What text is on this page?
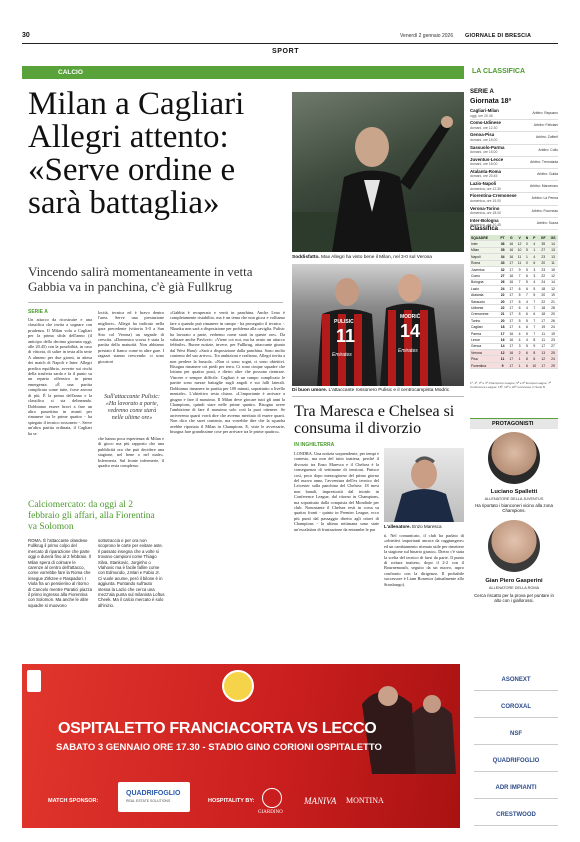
30	Venerdì 2 gennaio 2026 GIORNALE DI BRESCIA
SPORT
CALCIO	LA CLASSIFICA
Milan a Cagliari Allegri attento: «Serve ordine e sarà battaglia»
Vincendo salirà momentaneamente in vetta Gabbia va in panchina, c'è già Fullkrug
SERIE A
Un attacco da ricostruire e una classifica che invita a sognare con prudenza. Il Milan vola a Cagliari per la prima sfida dell'anno (il anticipo della decima giornata oggi, alle 20.45) con la possibilità, in caso di vittoria, di salire in testa alla serie A almeno per due giorni, in attesa dei match di Napoli e Inter. Allegri predica equilibrio, avverte sui rischi della trasferta sarda e fa il punto su un reparto offensivo in piena emergenza. «È una partita complicata come tutte, forse ancora di più. È la prima dell'anno e la classifica si sta delineando. Dobbiamo essere bravi a fare un altro passettino in avanti per rimanere tra le prime quattro - ha spiegato il tecnico rossonero -. Serve un'altra partita ordinata, il Cagliari ha se
locità, tecnica ed è bravo dentro l'area. Serve una prestazione migliore». Allegri ha indicato nella gara precedente (vittoria 3-0 a San Siro col Verona) un segnale di crescita. «Domenica scorsa è stata la partita della maturità. Non abbiamo prestato il fianco come in altre gare. I ragazzi stanno crescendo: ci sono giocatori
Sull'attaccante Pulisic: «Ha lavorato a parte, vedremo come starà nelle ultime ore»
che hanno poca esperienza di Milan e di gioco ma più rapporto che una pubblicità ora che può decidere una stagione, nel bene o nel male». Infermeria. Sul fronte infermerie, il quadro resta complesso.
«Gabbia è recuperato e verrà in panchina. Anche Leao è completamente ristabilito, ma è un tema che non gioca e volliamo fare a quando può rimanere in campo - ha proseguito il tecnico -. Nkunku non sarà a disposizione per problema alla caviglia. Pulisic ha lavorato a parte, vedremo come starà in queste ore». Da valutare anche Pavlovic: «Viene cot noi, ma ha avuto un attacco febbrile». Buone notizie, invece, per Fullkrug, attaccante giunto dal West Ham): «Sarà a disposizione dalla panchina. Sono molto contento del suo arrivo». Tra ambizioni e realismo, Allegri invita a non perdere la bussola. «Non ci sono sogni, ci sono obiettivi. Bisogna rimanere coi piedi per terra. Ci sono cinque squadre che lottano per quattro posti, e dietro altre che possono rientrare. Vincere e sempre difficile. Cagliari è un campo complicato le partite sono mezze battaglie sugli angoli e sui falli laterali. Dobbiamo rimanere in partita per 100 minuti, soprattutto a livello mentale». L'obiettivo resta chiaro. «L'importante è arrivare a giugno e fare il massimo. Il Milan deve giocare tutti gli anni la Champions, quindi stare nelle prime quattro. Bisogna avere l'ambizione di fare il massimo solo così la puoi ottenere. Se arriveremo quarti vorrà dire che avremo meritato di essere quarti. Non dico che sarei contento, ma vorrebbe dire che la squadra avebbe riportato il Milan in Champions. E, viste le avversarie, bisogna fare grandissime cose per arrivare tra le prime quattro».
Calciomercato: da oggi al 2 febbraio gli affari, alla Fiorentina va Solomon
ROMA. È l'attaccante olandese Fullkrug il primo colpo del mercato di riparazione che parte oggi e durerà fino al 2 febbraio. Il Milan spera di colmare le carenze al centro dell'attacco, come vorrebbe fare la Roma che insegue Zirkzee e Raspadori. I Viola fra un pensierino al ritorno di Cancelo mentre Paratici piazza il primo ingresso alla Fiorentina con Solomon. Ma anche le altre squadre si muovono
sottotraccia e per ora non scoprono le carte per evitare aste. Il passato insegna che a volte si trovano campioni come Thiago Silva, Stankovic, Jorginho o Vlahovic ma è facile fallire come con Edmundo, J.Mari e Fabio Jr. Ci vuole acume, però il bilone è in aggiunta. Puntando sull'auto stessa la Lazio che cerca una mezz'ala punta sul milanista Loftus Cheek. Ma il calcio mercato è solo all'inizio.
Soddisfatto. Max Allegri ha visto bene il Milan, nel 3-0 sul Verona
PULISIC
11
MODRIĆ
14
Emirates
Emirates
Di buon umore. L'attaccante rossonero Pulisic e il centrocampista Modric
Tra Maresca e Chelsea si consuma il divorzio
IN INGHILTERRA
LONDRA. Una notizia sorprendente, per tempi e contesto, ma non del tutto inattesa, perché il divorzio tra Enzo Maresca e il Chelsea è la conseguenza di settimane di tensioni. Finisce così, poco dopo mezzogiorno del primo giorno del nuovo anno, l'avventura dell'ex tecnico del Leicester sulla panchina del Chelsea: 18 mesi non banali, impreziositi dal trionfo in Conference League, dal ritorno in Champions, ma soprattutto dalla conquista del Mondiale per club. Nonostante il Chelsea resti in corsa su quattro fronti - quinto in Premier League, ecco più punti dal passaggio diretto agli ottavi di Champions - la ultima settimana sono state un'escalation di frustrazione da entrambe le par
L'allenatore. Enzo Maresca
ti. Nel comunicato, il club ha parlato di «obiettivi importanti ancora da raggiungere» ed un cambiamento ritenuto utile per rimettere la stagione sul binario giusto». Dietro c'è stata la scelta del tecnico di farsi da parte. Il punto di rottura inatteso, dopo il 2-2 con il Bournemouth, seguito da un nuovo, aspro confronto con la dirigenza. Il probabile successore è Liam Rosenior (attualmente allo Strasburgo).
SERIE A
Giornata 18ª
Cagliari-Milan
oggi, ore 20.45
Arbitro: Rapuano
Como-Udinese
domani, ore 12.30
Arbitro: Feliciani
Genoa-Pisa
domani, ore 15.00
Arbitro: Zufferli
Sassuolo-Parma
domani, ore 15.00
Arbitro: Collu
Juventus-Lecce
domani, ore 18.00
Arbitro: Tremolada
Atalanta-Roma
domani, ore 20.45
Arbitro: Guida
Lazio-Napoli
domenica, ore 12.30
Arbitro: Marcenaro
Fiorentina-Cremonese
domenica, ore 15.00
Arbitro: La Penna
Verona-Torino
domenica, ore 18.00
Arbitro: Fourneau
Inter-Bologna
domenica, ore 20.45
Arbitro: Sozza
Classifica
SQUADRE	PT	G	V	N	P	GF	GS
Inter	36	16	12	0	4	35	14
Milan	35	16	10	5	1	27	13
Napoli	34	16	11	1	4	23	13
Roma	33	17	11	0	6	20	11
Juventus	32	17	9	5	3	23	15
Como	27	16	7	6	3	22	12
Bologna	26	16	7	5	4	24	14
Lazio	24	17	6	6	5	18	12
Atalanta	22	17	5	7	5	20	19
Sassuolo	20	17	6	4	7	22	21
Udinese	22	17	6	4	7	18	28
Cremonese	21	17	5	6	6	18	20
Torino	20	17	5	5	7	17	26
Cagliari	18	17	4	6	7	19	24
Parma	17	16	4	5	7	11	19
Lecce	16	16	4	4	8	11	23
Genoa	14	17	3	5	9	17	27
Verona	12	16	2	6	8	13	25
Pisa	11	17	1	8	8	12	24
Fiorentina	9	17	1	6	10	17	29
1ª, 2ª, 3ª e 4ª Champions League; 5ª e 6ª Europa League; 7ª Conference League; 18ª, 19ª e 20ª retrocesse in Serie B
PROTAGONISTI
Luciano Spalletti
ALLENATORE DELLA JUVENTUS
Ha riportato i bianconeri vicino alla zona Champions.
Gian Piero Gasperini
ALLENATORE DELLA ROMA
Cerca riscatto per la prova per puntare in alto con i giallorossi.
OSPITALETTO FRANCIACORTA VS LECCO
SABATO 3 GENNAIO ORE 17.30 - STADIO GINO CORIONI OSPITALETTO
MATCH SPONSOR:
QUADRIFOGLIO
REAL ESTATE SOLUTIONS	HOSPITALITY BY:
GIARDINO
MANIVA MONTINA
ASONEXT
COROXAL
NSF
QUADRIFOGLIO
ADR IMPIANTI
CRESTWOOD
